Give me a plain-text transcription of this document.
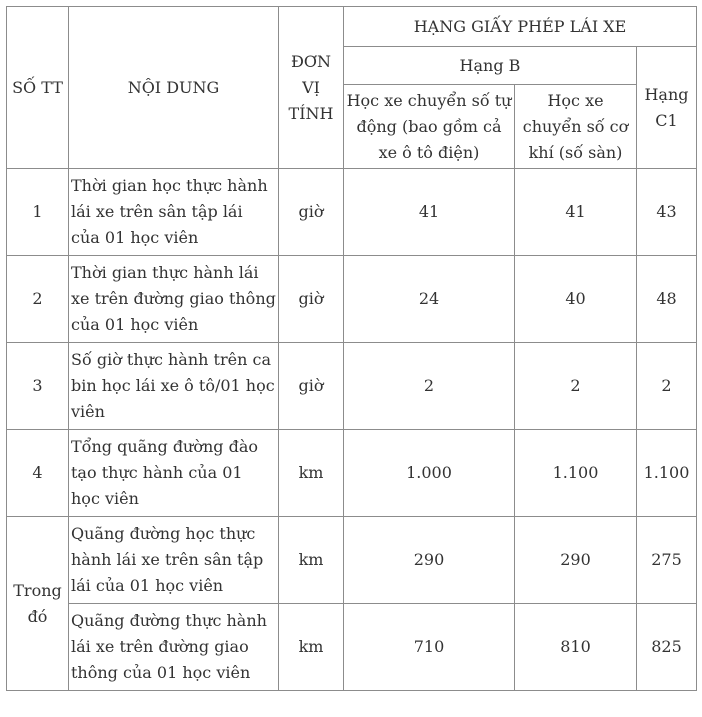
SỐ TT	NỘI DUNG	ĐƠN VỊ TÍNH	HẠNG GIẤY PHÉP LÁI XE		
			Hạng B		Hạng C1
			Học xe chuyển số tự động (bao gồm cả xe ô tô điện)	Học xe chuyển số cơ khí (số sàn)	
1	Thời gian học thực hành lái xe trên sân tập lái của 01 học viên	giờ	41	41	43
2	Thời gian thực hành lái xe trên đường giao thông của 01 học viên	giờ	24	40	48
3	Số giờ thực hành trên ca bin học lái xe ô tô/01 học viên	giờ	2	2	2
4	Tổng quãng đường đào tạo thực hành của 01 học viên	km	1.000	1.100	1.100
Trong đó	Quãng đường học thực hành lái xe trên sân tập lái của 01 học viên	km	290	290	275
	Quãng đường thực hành lái xe trên đường giao thông của 01 học viên	km	710	810	825
